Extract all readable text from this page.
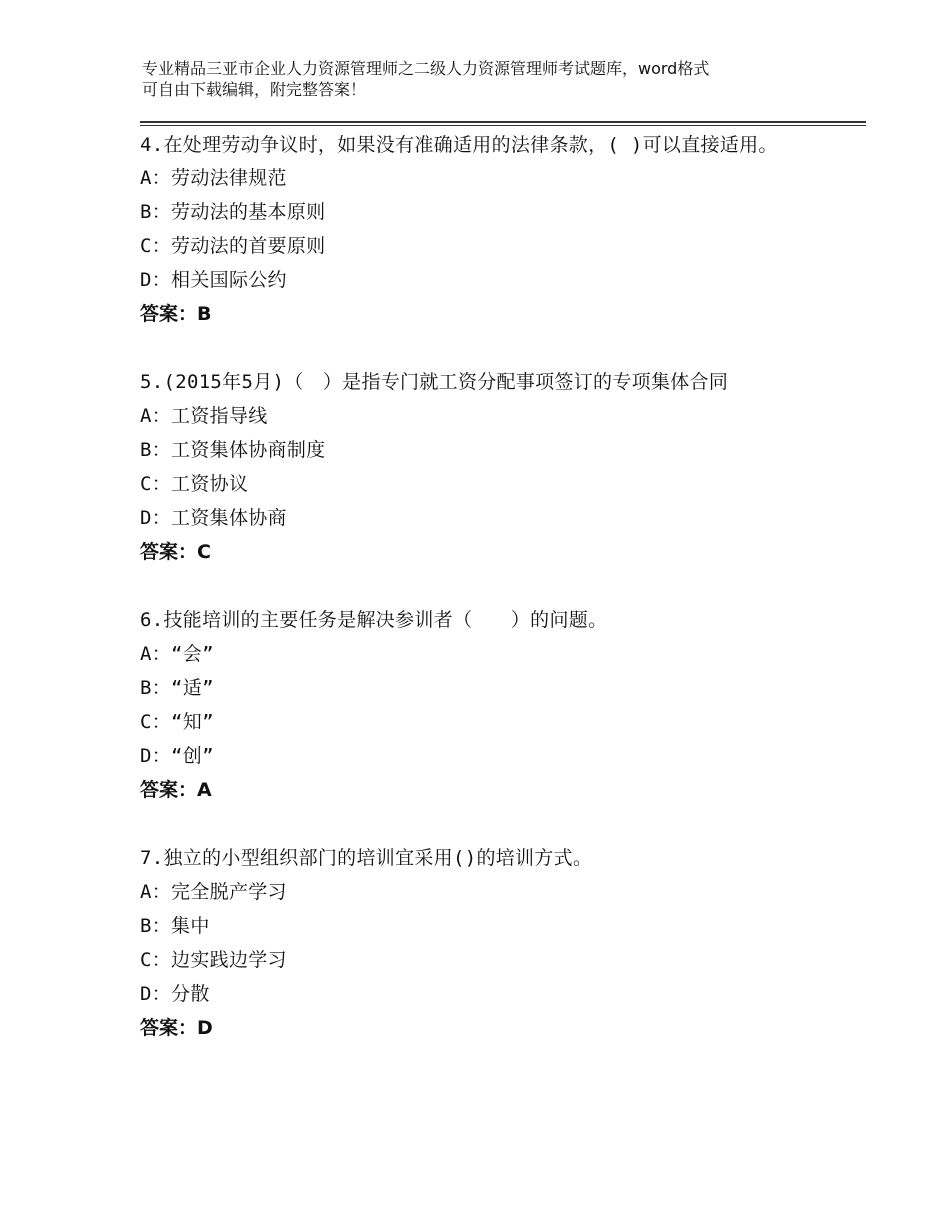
专业精品三亚市企业人力资源管理师之二级人力资源管理师考试题库，word格式
可自由下载编辑，附完整答案！

4.在处理劳动争议时，如果没有准确适用的法律条款，( )可以直接适用。

A：劳动法律规范

B：劳动法的基本原则

C：劳动法的首要原则

D：相关国际公约

答案：B

5.(2015年5月)（　）是指专门就工资分配事项签订的专项集体合同

A：工资指导线

B：工资集体协商制度

C：工资协议

D：工资集体协商

答案：C

6.技能培训的主要任务是解决参训者（　　）的问题。

A：“会”

B：“适”

C：“知”

D：“创”

答案：A

7.独立的小型组织部门的培训宜采用()的培训方式。

A：完全脱产学习

B：集中

C：边实践边学习

D：分散

答案：D
